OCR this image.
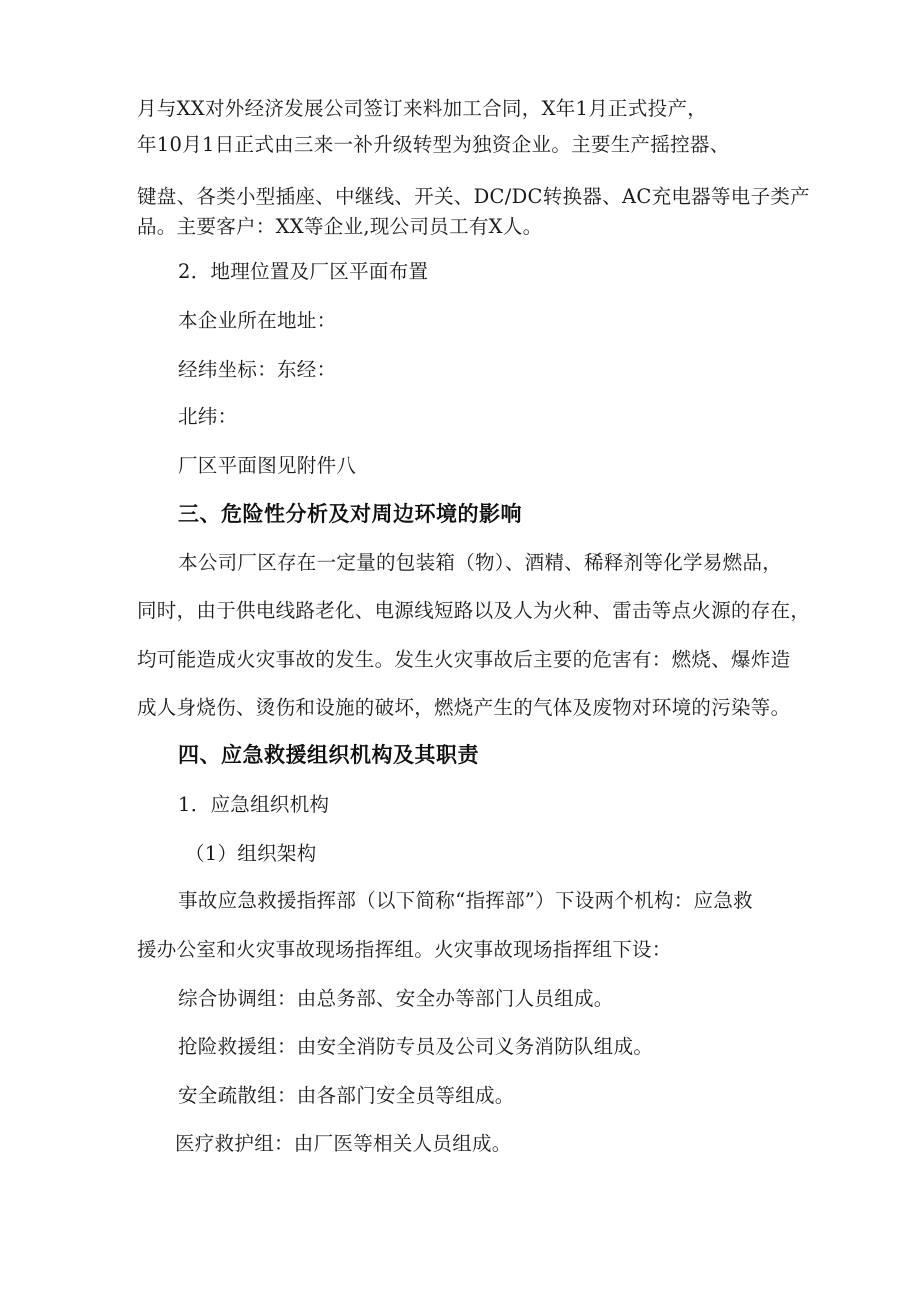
月与XX对外经济发展公司签订来料加工合同，X年1月正式投产，
年10月1日正式由三来一补升级转型为独资企业。主要生产摇控器、
键盘、各类小型插座、中继线、开关、DC/DC转换器、AC充电器等电子类产
品。主要客户：XX等企业,现公司员工有X人。
2．地理位置及厂区平面布置
本企业所在地址：
经纬坐标：东经：
北纬：
厂区平面图见附件八
三、危险性分析及对周边环境的影响
本公司厂区存在一定量的包装箱（物）、酒精、稀释剂等化学易燃品，
同时，由于供电线路老化、电源线短路以及人为火种、雷击等点火源的存在，
均可能造成火灾事故的发生。发生火灾事故后主要的危害有：燃烧、爆炸造
成人身烧伤、烫伤和设施的破坏，燃烧产生的气体及废物对环境的污染等。
四、应急救援组织机构及其职责
1．应急组织机构
（1）组织架构
事故应急救援指挥部（以下简称“指挥部”）下设两个机构：应急救
援办公室和火灾事故现场指挥组。火灾事故现场指挥组下设：
综合协调组：由总务部、安全办等部门人员组成。
抢险救援组：由安全消防专员及公司义务消防队组成。
安全疏散组：由各部门安全员等组成。
医疗救护组：由厂医等相关人员组成。
